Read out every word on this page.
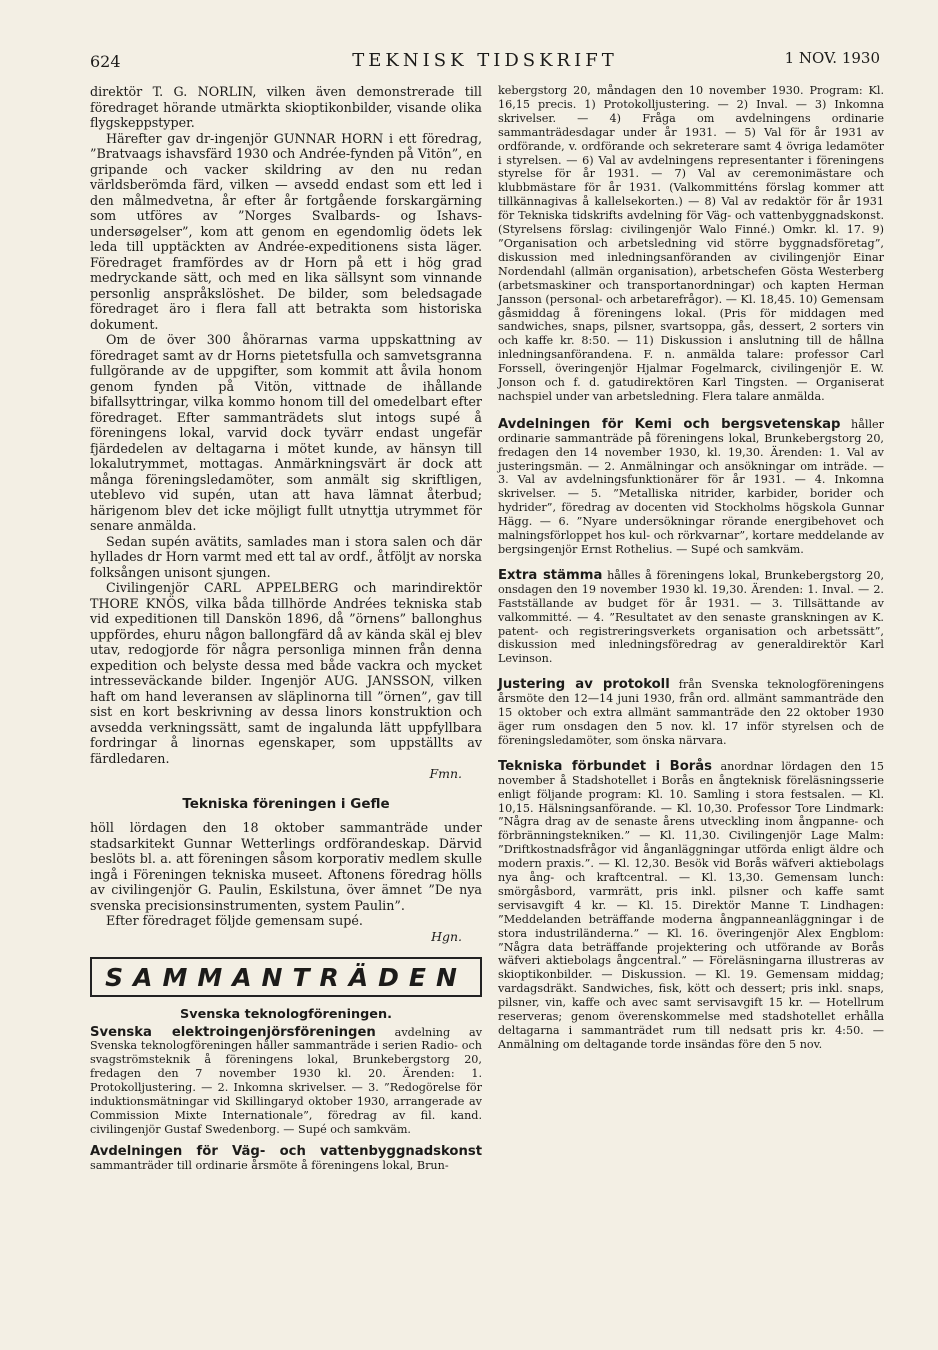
624	TEKNISK TIDSKRIFT	1 NOV. 1930

direktör T. G. NORLIN, vilken även demonstrerade till föredraget hörande utmärkta skioptikonbilder, visande olika flygskeppstyper.

Härefter gav dr-ingenjör GUNNAR HORN i ett föredrag, ”Bratvaags ishavsfärd 1930 och Andrée-fynden på Vitön”, en gripande och vacker skildring av den nu redan världsberömda färd, vilken — avsedd endast som ett led i den målmedvetna, år efter år fortgående forskargärning som utföres av ”Norges Svalbards- og Ishavs-undersøgelser”, kom att genom en egendomlig ödets lek leda till upptäckten av Andrée-expeditionens sista läger. Föredraget framfördes av dr Horn på ett i hög grad medryckande sätt, och med en lika sällsynt som vinnande personlig anspråkslöshet. De bilder, som beledsagade föredraget äro i flera fall att betrakta som historiska dokument.

Om de över 300 åhörarnas varma uppskattning av föredraget samt av dr Horns pietetsfulla och samvetsgranna fullgörande av de uppgifter, som kommit att åvila honom genom fynden på Vitön, vittnade de ihållande bifallsyttringar, vilka kommo honom till del omedelbart efter föredraget. Efter sammanträdets slut intogs supé å föreningens lokal, varvid dock tyvärr endast ungefär fjärdedelen av deltagarna i mötet kunde, av hänsyn till lokalutrymmet, mottagas. Anmärkningsvärt är dock att många föreningsledamöter, som anmält sig skriftligen, uteblevo vid supén, utan att hava lämnat återbud; härigenom blev det icke möjligt fullt utnyttja utrymmet för senare anmälda.

Sedan supén avätits, samlades man i stora salen och där hyllades dr Horn varmt med ett tal av ordf., åtföljt av norska folksången unisont sjungen.

Civilingenjör CARL APPELBERG och marindirektör THORE KNÖS, vilka båda tillhörde Andrées tekniska stab vid expeditionen till Danskön 1896, då ”örnens” ballonghus uppfördes, ehuru någon ballongfärd då av kända skäl ej blev utav, redogjorde för några personliga minnen från denna expedition och belyste dessa med både vackra och mycket intresseväckande bilder. Ingenjör AUG. JANSSON, vilken haft om hand leveransen av släplinorna till ”örnen”, gav till sist en kort beskrivning av dessa linors konstruktion och avsedda verkningssätt, samt de ingalunda lätt uppfyllbara fordringar å linornas egenskaper, som uppställts av färdledaren.

Fmn.
Tekniska föreningen i Gefle

höll lördagen den 18 oktober sammanträde under stadsarkitekt Gunnar Wetterlings ordförandeskap. Därvid beslöts bl. a. att föreningen såsom korporativ medlem skulle ingå i Föreningen tekniska museet. Aftonens föredrag hölls av civilingenjör G. Paulin, Eskilstuna, över ämnet ”De nya svenska precisionsinstrumenten, system Paulin”.

Efter föredraget följde gemensam supé.

Hgn.
SAMMANTRÄDEN
Svenska teknologföreningen.
Svenska elektroingenjörsföreningen avdelning av Svenska teknologföreningen håller sammanträde i serien Radio- och svagströmsteknik å föreningens lokal, Brunkebergstorg 20, fredagen den 7 november 1930 kl. 20. Ärenden: 1. Protokolljustering. — 2. Inkomna skrivelser. — 3. ”Redogörelse för induktionsmätningar vid Skillingaryd oktober 1930, arrangerade av Commission Mixte Internationale”, föredrag av fil. kand. civilingenjör Gustaf Swedenborg. — Supé och samkväm.
Avdelningen för Väg- och vattenbyggnadskonst sammanträder till ordinarie årsmöte å föreningens lokal, Brun-
kebergstorg 20, måndagen den 10 november 1930. Program: Kl. 16,15 precis. 1) Protokolljustering. — 2) Inval. — 3) Inkomna skrivelser. — 4) Fråga om avdelningens ordinarie sammanträdesdagar under år 1931. — 5) Val för år 1931 av ordförande, v. ordförande och sekreterare samt 4 övriga ledamöter i styrelsen. — 6) Val av avdelningens representanter i föreningens styrelse för år 1931. — 7) Val av ceremonimästare och klubbmästare för år 1931. (Valkommitténs förslag kommer att tillkännagivas å kallelsekorten.) — 8) Val av redaktör för år 1931 för Tekniska tidskrifts avdelning för Väg- och vattenbyggnadskonst. (Styrelsens förslag: civilingenjör Walo Finné.) Omkr. kl. 17. 9) ”Organisation och arbetsledning vid större byggnadsföretag”, diskussion med inledningsanföranden av civilingenjör Einar Nordendahl (allmän organisation), arbetschefen Gösta Westerberg (arbetsmaskiner och transportanordningar) och kapten Herman Jansson (personal- och arbetarefrågor). — Kl. 18,45. 10) Gemensam gåsmiddag å föreningens lokal. (Pris för middagen med sandwiches, snaps, pilsner, svartsoppa, gås, dessert, 2 sorters vin och kaffe kr. 8:50. — 11) Diskussion i anslutning till de hållna inledningsanförandena. F. n. anmälda talare: professor Carl Forssell, överingenjör Hjalmar Fogelmarck, civilingenjör E. W. Jonson och f. d. gatudirektören Karl Tingsten. — Organiserat nachspiel under van arbetsledning. Flera talare anmälda.
Avdelningen för Kemi och bergsvetenskap håller ordinarie sammanträde på föreningens lokal, Brunkebergstorg 20, fredagen den 14 november 1930, kl. 19,30. Ärenden: 1. Val av justeringsmän. — 2. Anmälningar och ansökningar om inträde. — 3. Val av avdelningsfunktionärer för år 1931. — 4. Inkomna skrivelser. — 5. ”Metalliska nitrider, karbider, borider och hydrider”, föredrag av docenten vid Stockholms högskola Gunnar Hägg. — 6. ”Nyare undersökningar rörande energibehovet och malningsförloppet hos kul- och rörkvarnar”, kortare meddelande av bergsingenjör Ernst Rothelius. — Supé och samkväm.
Extra stämma hålles å föreningens lokal, Brunkebergstorg 20, onsdagen den 19 november 1930 kl. 19,30. Ärenden: 1. Inval. — 2. Fastställande av budget för år 1931. — 3. Tillsättande av valkommitté. — 4. ”Resultatet av den senaste granskningen av K. patent- och registreringsverkets organisation och arbetssätt”, diskussion med inledningsföredrag av generaldirektör Karl Levinson.
Justering av protokoll från Svenska teknologföreningens årsmöte den 12—14 juni 1930, från ord. allmänt sammanträde den 15 oktober och extra allmänt sammanträde den 22 oktober 1930 äger rum onsdagen den 5 nov. kl. 17 inför styrelsen och de föreningsledamöter, som önska närvara.
Tekniska förbundet i Borås anordnar lördagen den 15 november å Stadshotellet i Borås en ångteknisk föreläsningsserie enligt följande program: Kl. 10. Samling i stora festsalen. — Kl. 10,15. Hälsningsanförande. — Kl. 10,30. Professor Tore Lindmark: ”Några drag av de senaste årens utveckling inom ångpanne- och förbränningstekniken.” — Kl. 11,30. Civilingenjör Lage Malm: ”Driftkostnadsfrågor vid ånganläggningar utförda enligt äldre och modern praxis.”. — Kl. 12,30. Besök vid Borås wäfveri aktiebolags nya ång- och kraftcentral. — Kl. 13,30. Gemensam lunch: smörgåsbord, varmrätt, pris inkl. pilsner och kaffe samt servisavgift 4 kr. — Kl. 15. Direktör Manne T. Lindhagen: ”Meddelanden beträffande moderna ångpanneanläggningar i de stora industriländerna.” — Kl. 16. överingenjör Alex Engblom: ”Några data beträffande projektering och utförande av Borås wäfveri aktiebolags ångcentral.” — Föreläsningarna illustreras av skioptikonbilder. — Diskussion. — Kl. 19. Gemensam middag; vardagsdräkt. Sandwiches, fisk, kött och dessert; pris inkl. snaps, pilsner, vin, kaffe och avec samt servisavgift 15 kr. — Hotellrum reserveras; genom överenskommelse med stadshotellet erhålla deltagarna i sammanträdet rum till nedsatt pris kr. 4:50. — Anmälning om deltagande torde insändas före den 5 nov.
